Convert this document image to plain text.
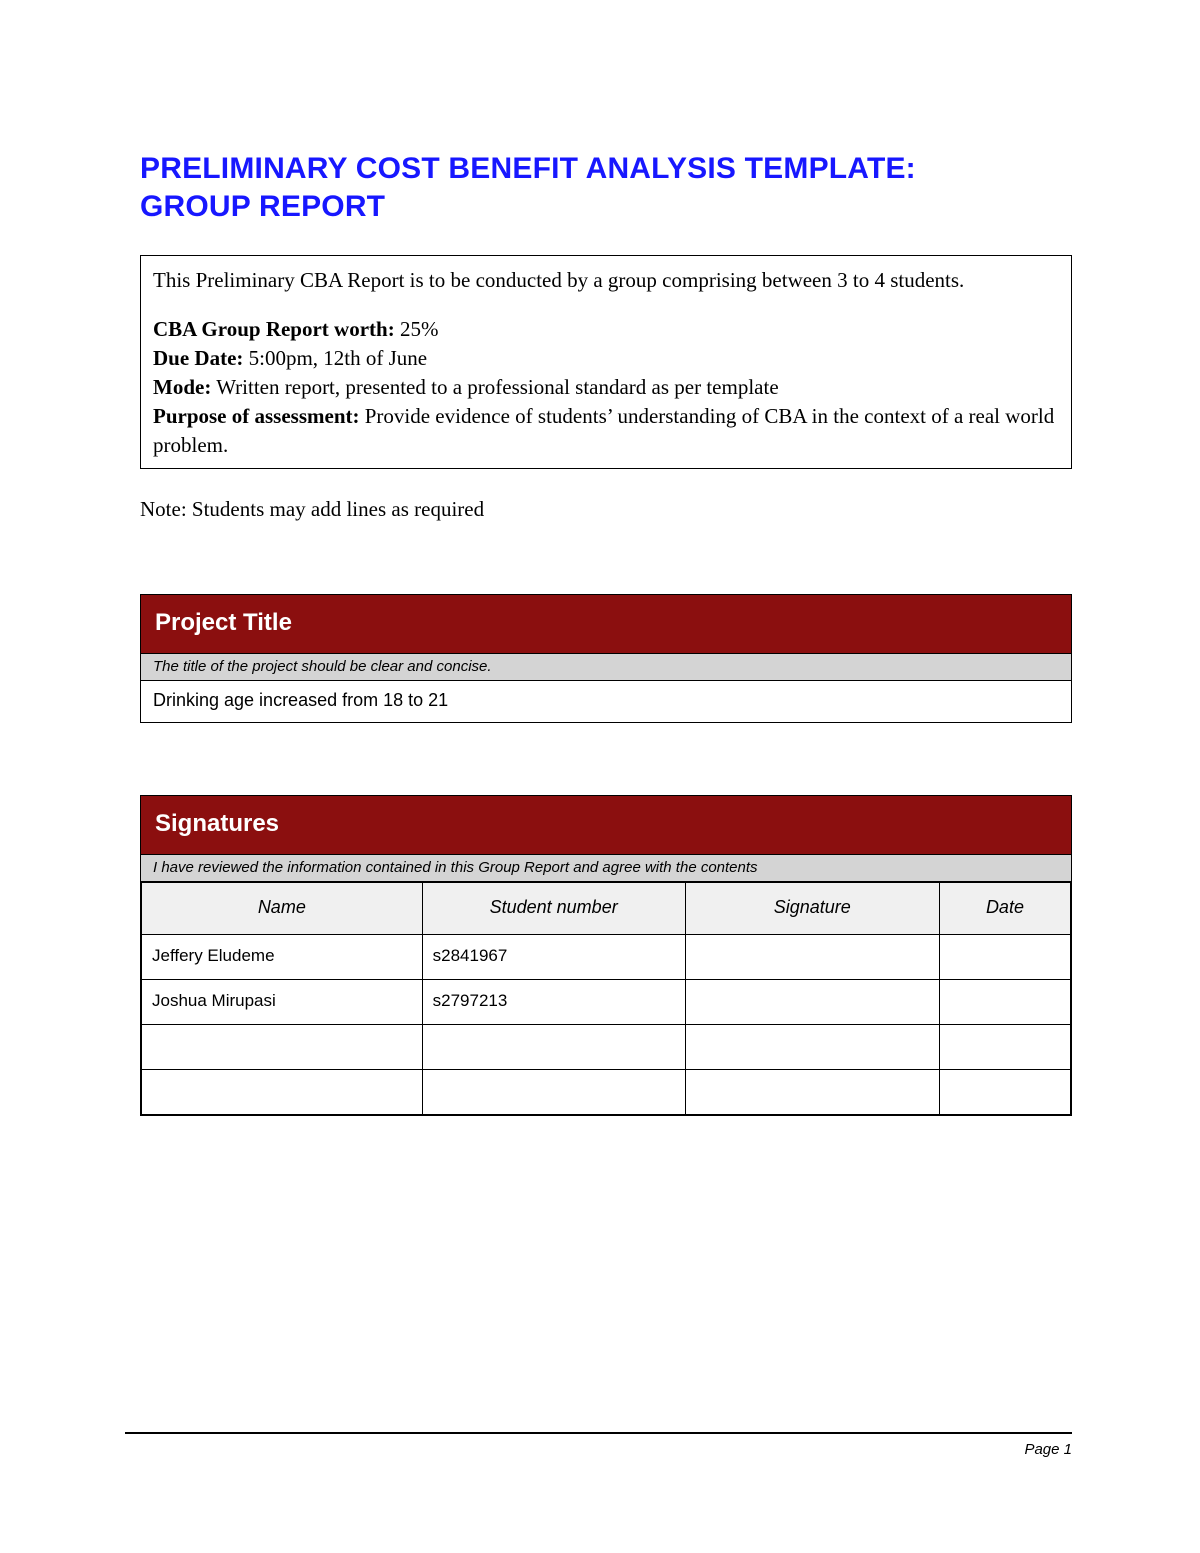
PRELIMINARY COST BENEFIT ANALYSIS TEMPLATE:
GROUP REPORT

This Preliminary CBA Report is to be conducted by a group comprising between 3 to 4 students.

CBA Group Report worth: 25%

Due Date: 5:00pm, 12th of June

Mode: Written report, presented to a professional standard as per template

Purpose of assessment: Provide evidence of students’ understanding of CBA in the context of a real world problem.

Note: Students may add lines as required

Project Title
The title of the project should be clear and concise.
Drinking age increased from 18 to 21
Signatures
I have reviewed the information contained in this Group Report and agree with the contents

Name	Student number	Signature	Date
Jeffery Eludeme	s2841967		
Joshua Mirupasi	s2797213		

Page 1
